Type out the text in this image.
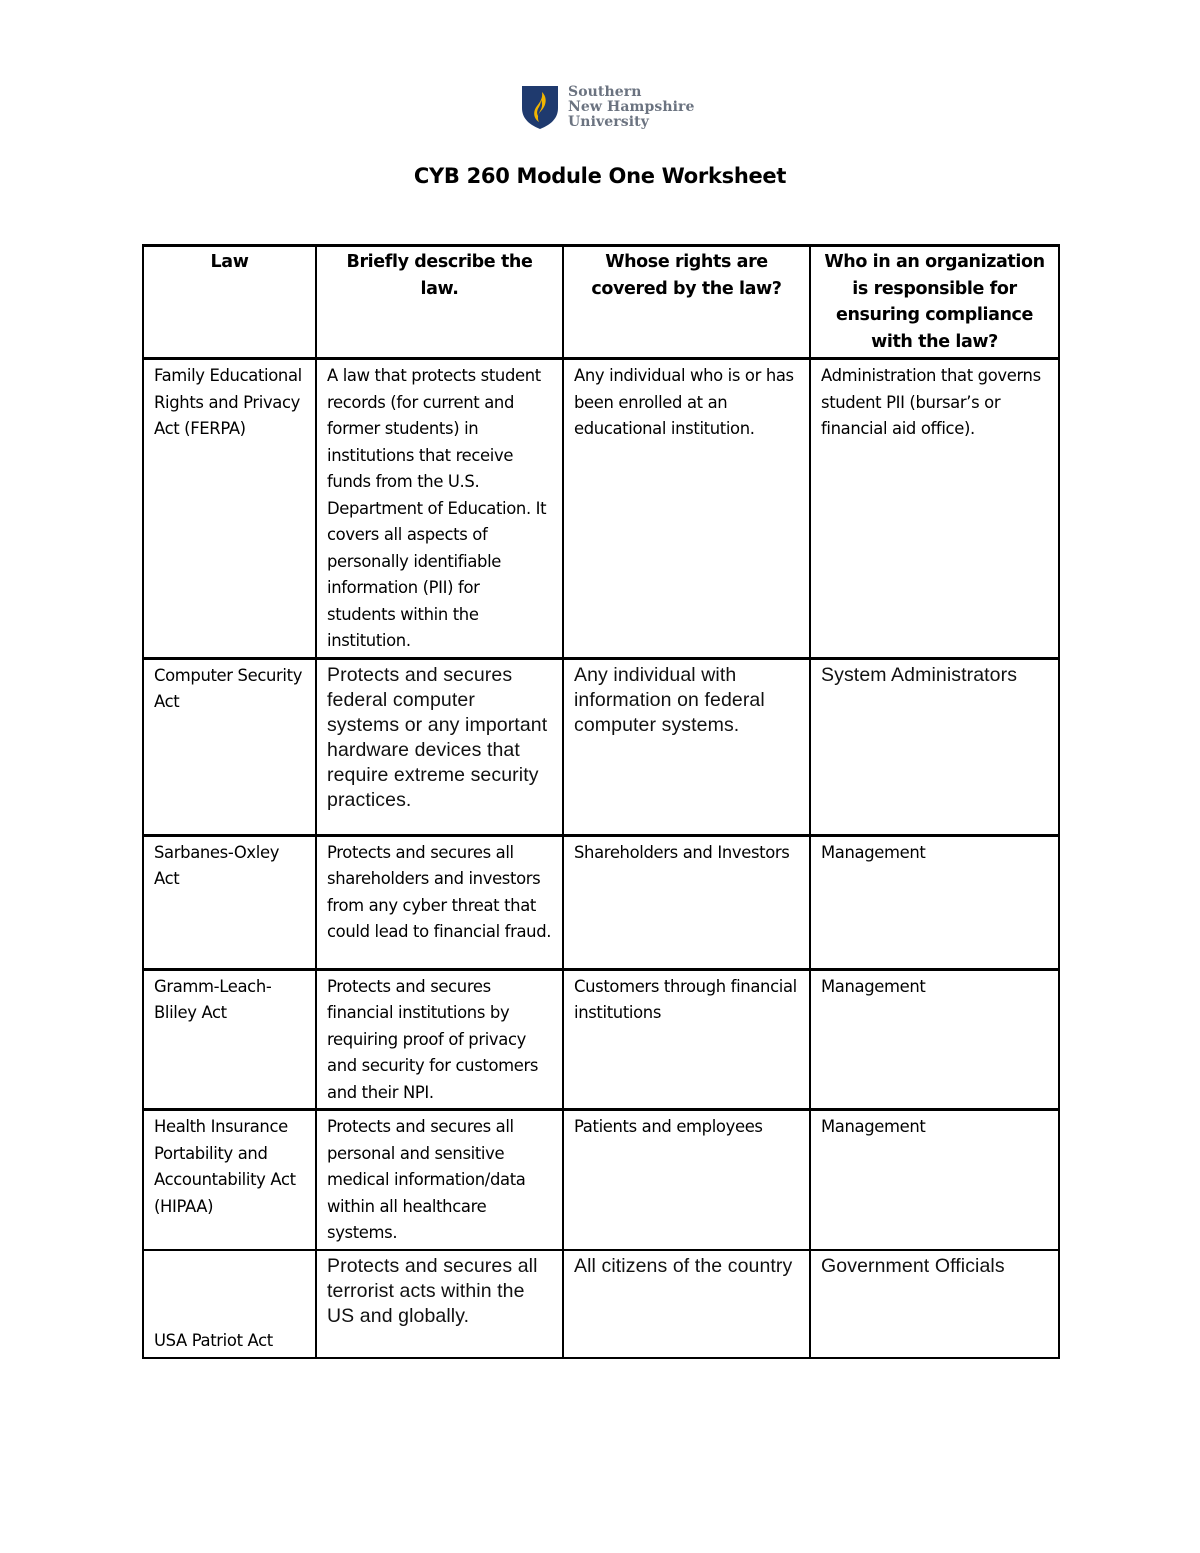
Southern
New Hampshire
University
CYB 260 Module One Worksheet
Law	Briefly describe the law.	Whose rights are covered by the law?	Who in an organization is responsible for ensuring compliance with the law?
Family Educational Rights and Privacy Act (FERPA)	A law that protects student records (for current and former students) in institutions that receive funds from the U.S. Department of Education. It covers all aspects of personally identifiable information (PII) for students within the institution.	Any individual who is or has been enrolled at an educational institution.	Administration that governs student PII (bursar’s or financial aid office).
Computer Security Act	Protects and secures federal computer systems or any important hardware devices that require extreme security practices.	Any individual with information on federal computer systems.	System Administrators
Sarbanes-Oxley Act	Protects and secures all shareholders and investors from any cyber threat that could lead to financial fraud.	Shareholders and Investors	Management
Gramm-Leach-Bliley Act	Protects and secures financial institutions by requiring proof of privacy and security for customers and their NPI.	Customers through financial institutions	Management
Health Insurance Portability and Accountability Act (HIPAA)	Protects and secures all personal and sensitive medical information/data within all healthcare systems.	Patients and employees	Management
USA Patriot Act	Protects and secures all terrorist acts within the US and globally.	All citizens of the country	Government Officials
